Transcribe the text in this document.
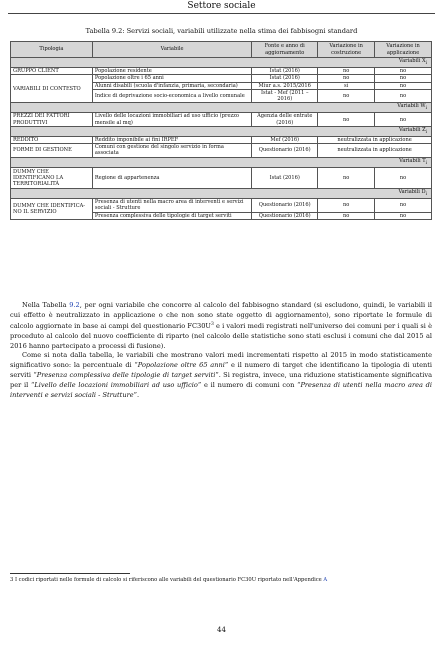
Settore sociale
Tabella 9.2: Servizi sociali, variabili utilizzate nella stima dei fabbisogni standard
Tipologia	Variabile	Fonte e anno di aggiornamento	Variazione in costruzione	Variazione in applicazione
Variabili $X_i$
GRUPPO CLIENT	Popolazione residente	Istat (2016)	no	no
VARIABILI DI CONTESTO	Popolazione oltre i 65 anni	Istat (2016)	no	no
	Alunni disabili (scuola d'infanzia, primaria, secondaria)	Miur a.s. 2015/2016	sì	no
	Indice di deprivazione socio-economica a livello comunale	Istat - Mef (2011 – 2016)	no	no
Variabili $W_i$
PREZZI DEI FATTORI PRODUTTIVI	Livello delle locazioni immobiliari ad uso ufficio (prezzo mensile al mq)	Agenzia delle entrate (2016)	no	no
Variabili $Z_i$
REDDITO	Reddito imponibile ai fini IRPEF	Mef (2016)	neutralizzata in applicazione	
FORME DI GESTIONE	Comuni con gestione del singolo servizio in forma associata	Questionario (2016)	neutralizzata in applicazione	
Variabili $T_i$
DUMMY CHE IDENTIFICANO LA TERRITORIALITÀ	Regione di appartenenza	Istat (2016)	no	no
Variabili $D_i$
DUMMY CHE IDENTIFICA- NO IL SERVIZIO	Presenza di utenti nella macro area di interventi e servizi sociali - Strutture	Questionario (2016)	no	no
	Presenza complessiva delle tipologie di target serviti	Questionario (2016)	no	no

Nella Tabella 9.2, per ogni variabile che concorre al calcolo del fabbisogno standard (si escludono, quindi, le variabili il cui effetto è neutralizzato in applicazione o che non sono state oggetto di aggiornamento), sono riportate le formule di calcolo aggiornate in base ai campi del questionario $FC30U^3$ e i valori medi registrati nell'universo dei comuni per i quali si è proceduto al calcolo del nuovo coefficiente di riparto (nel calcolo delle statistiche sono stati esclusi i comuni che dal 2015 al 2016 hanno partecipato a processi di fusione).

Come si nota dalla tabella, le variabili che mostrano valori medi incrementati rispetto al 2015 in modo statisticamente significativo sono: la percentuale di “Popolazione oltre 65 anni” e il numero di target che identificano la tipologia di utenti serviti “Presenza complessiva delle tipologie di target serviti”. Si registra, invece, una riduzione statisticamente significativa per il “Livello delle locazioni immobiliari ad uso ufficio” e il numero di comuni con “Presenza di utenti nella macro area di interventi e servizi sociali - Strutture”.

3 I codici riportati nelle formule di calcolo si riferiscono alle variabili del questionario FC30U riportato nell'Appendice A
44
